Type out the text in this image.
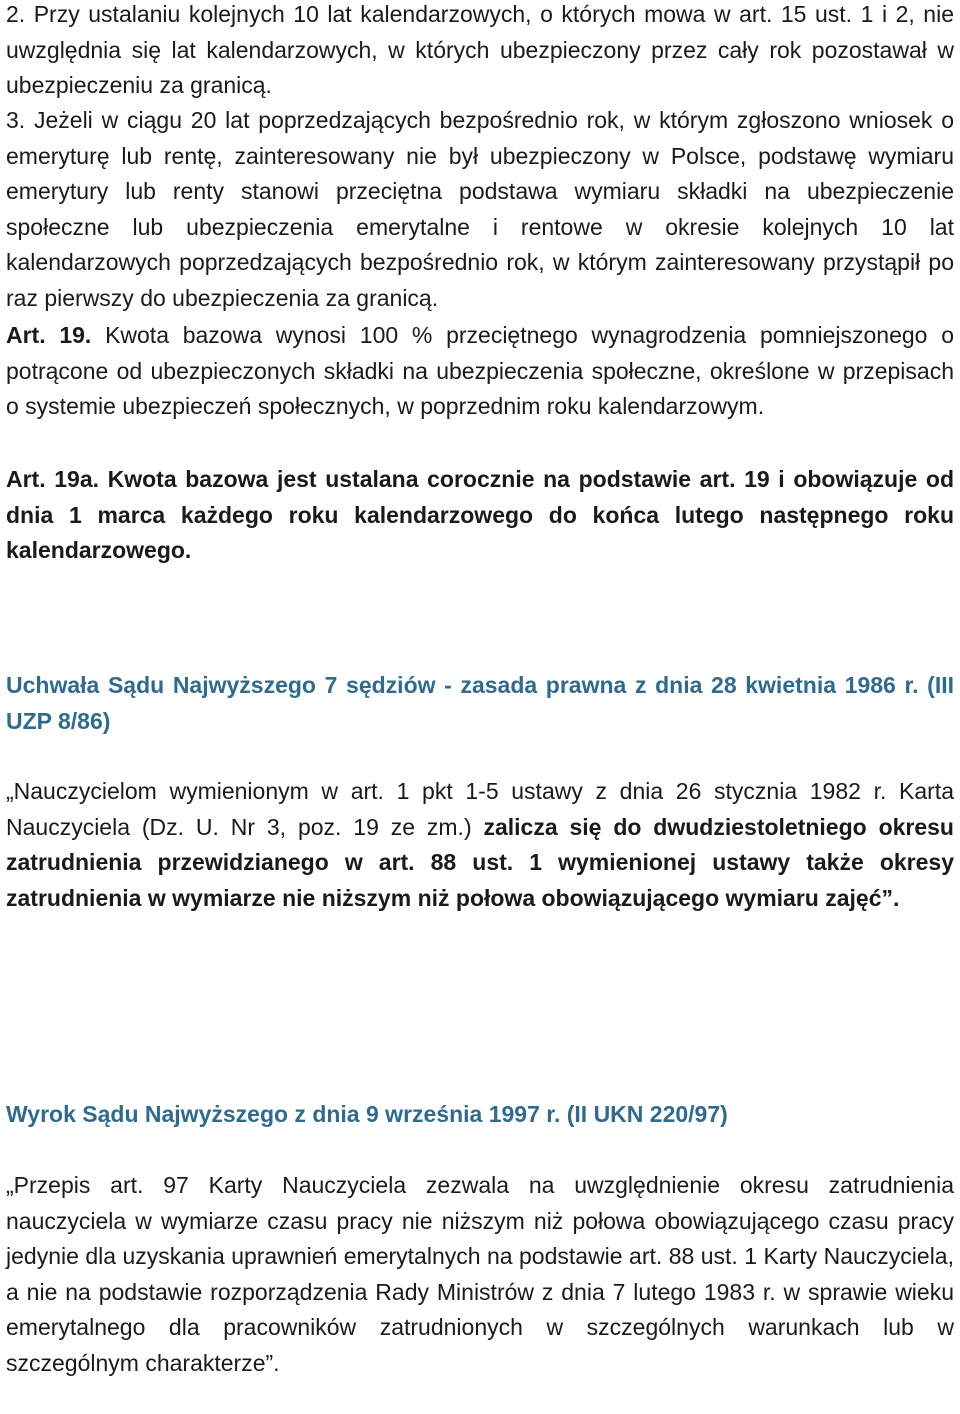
2. Przy ustalaniu kolejnych 10 lat kalendarzowych, o których mowa w art. 15 ust. 1 i 2, nie uwzględnia się lat kalendarzowych, w których ubezpieczony przez cały rok pozostawał w ubezpieczeniu za granicą.

3. Jeżeli w ciągu 20 lat poprzedzających bezpośrednio rok, w którym zgłoszono wniosek o emeryturę lub rentę, zainteresowany nie był ubezpieczony w Polsce, podstawę wymiaru emerytury lub renty stanowi przeciętna podstawa wymiaru składki na ubezpieczenie społeczne lub ubezpieczenia emerytalne i rentowe w okresie kolejnych 10 lat kalendarzowych poprzedzających bezpośrednio rok, w którym zainteresowany przystąpił po raz pierwszy do ubezpieczenia za granicą.

Art. 19. Kwota bazowa wynosi 100 % przeciętnego wynagrodzenia pomniejszonego o potrącone od ubezpieczonych składki na ubezpieczenia społeczne, określone w przepisach o systemie ubezpieczeń społecznych, w poprzednim roku kalendarzowym.

Art. 19a. Kwota bazowa jest ustalana corocznie na podstawie art. 19 i obowiązuje od dnia 1 marca każdego roku kalendarzowego do końca lutego następnego roku kalendarzowego.

Uchwała Sądu Najwyższego 7 sędziów - zasada prawna z dnia 28 kwietnia 1986 r. (III UZP 8/86)

„Nauczycielom wymienionym w art. 1 pkt 1-5 ustawy z dnia 26 stycznia 1982 r. Karta Nauczyciela (Dz. U. Nr 3, poz. 19 ze zm.) zalicza się do dwudziestoletniego okresu zatrudnienia przewidzianego w art. 88 ust. 1 wymienionej ustawy także okresy zatrudnienia w wymiarze nie niższym niż połowa obowiązującego wymiaru zajęć”.

Wyrok Sądu Najwyższego z dnia 9 września 1997 r. (II UKN 220/97)

„Przepis art. 97 Karty Nauczyciela zezwala na uwzględnienie okresu zatrudnienia nauczyciela w wymiarze czasu pracy nie niższym niż połowa obowiązującego czasu pracy jedynie dla uzyskania uprawnień emerytalnych na podstawie art. 88 ust. 1 Karty Nauczyciela, a nie na podstawie rozporządzenia Rady Ministrów z dnia 7 lutego 1983 r. w sprawie wieku emerytalnego dla pracowników zatrudnionych w szczególnych warunkach lub w szczególnym charakterze”.
